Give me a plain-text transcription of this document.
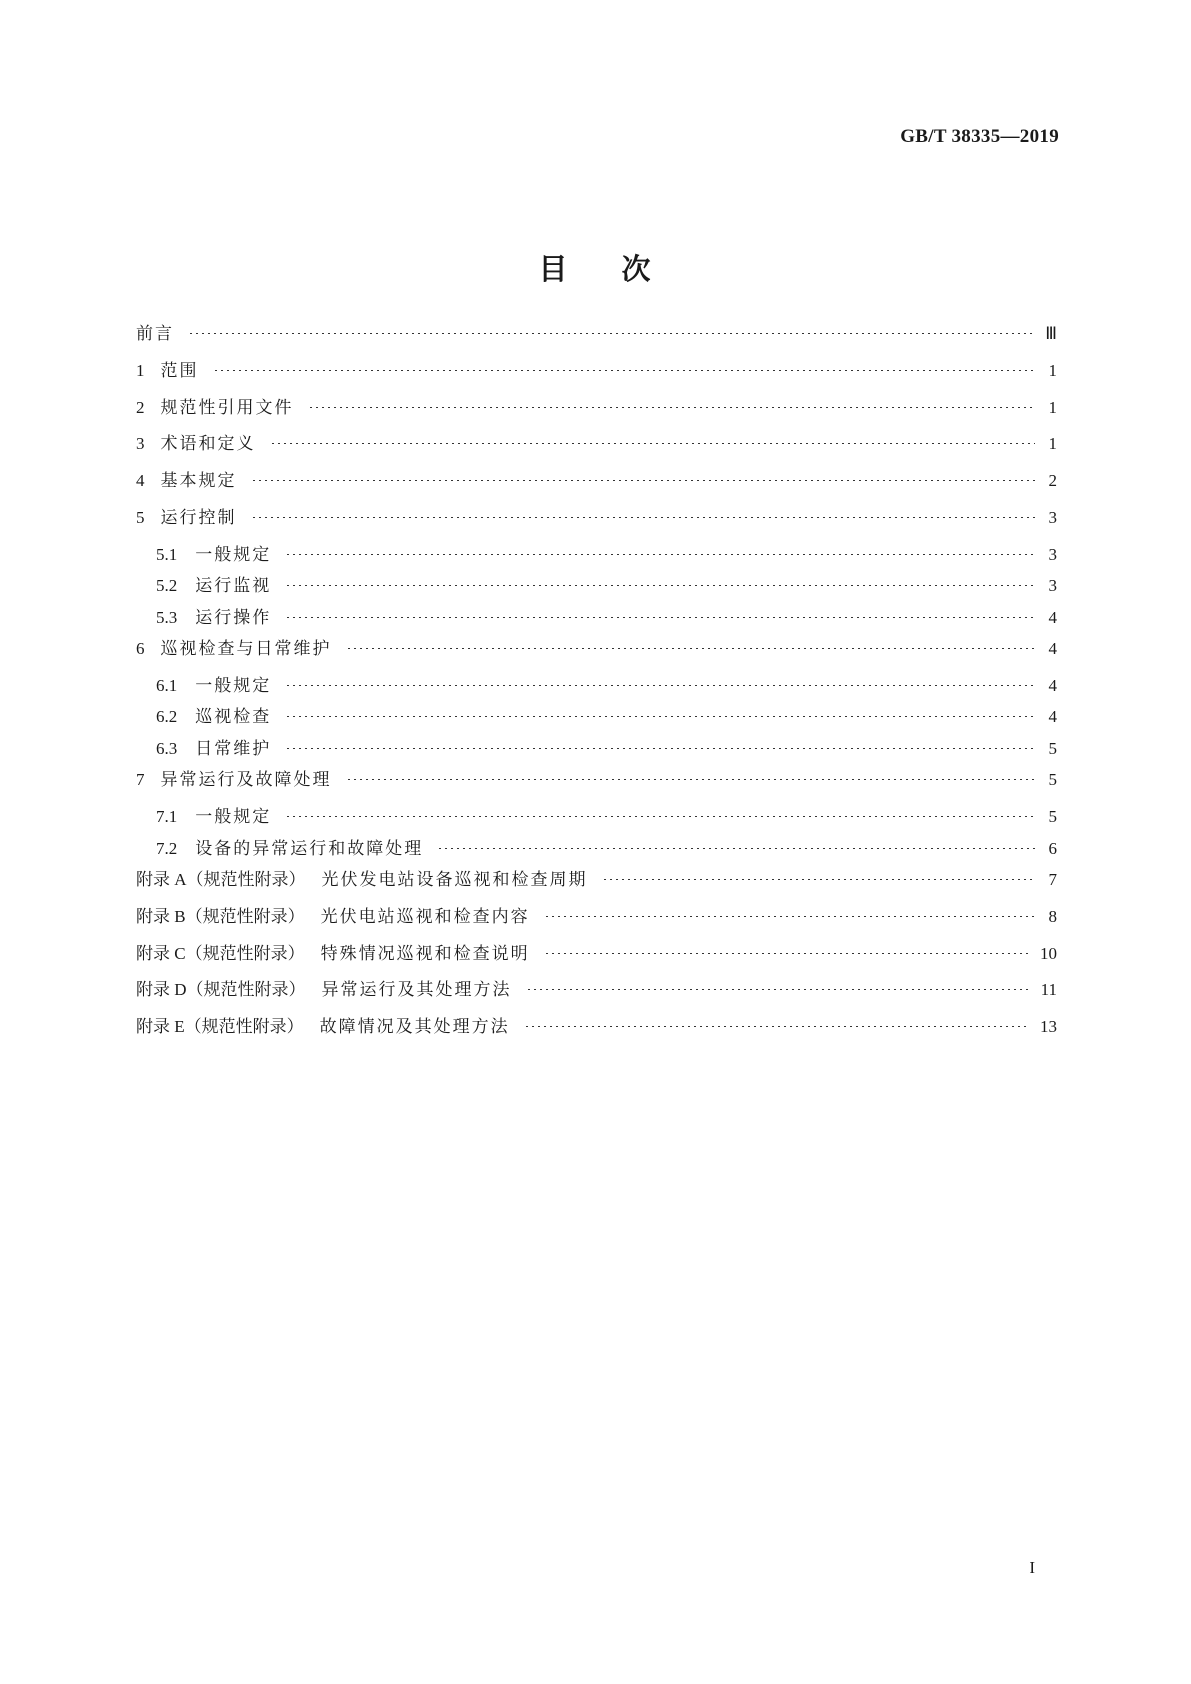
GB/T 38335—2019
目 次
前言	Ⅲ
1 范围	1
2 规范性引用文件	1
3 术语和定义	1
4 基本规定	2
5 运行控制	3
5.1 一般规定	3
5.2 运行监视	3
5.3 运行操作	4
6 巡视检查与日常维护	4
6.1 一般规定	4
6.2 巡视检查	4
6.3 日常维护	5
7 异常运行及故障处理	5
7.1 一般规定	5
7.2 设备的异常运行和故障处理	6
附录 A（规范性附录） 光伏发电站设备巡视和检查周期	7
附录 B（规范性附录） 光伏电站巡视和检查内容	8
附录 C（规范性附录） 特殊情况巡视和检查说明	10
附录 D（规范性附录） 异常运行及其处理方法	11
附录 E（规范性附录） 故障情况及其处理方法	13
I
